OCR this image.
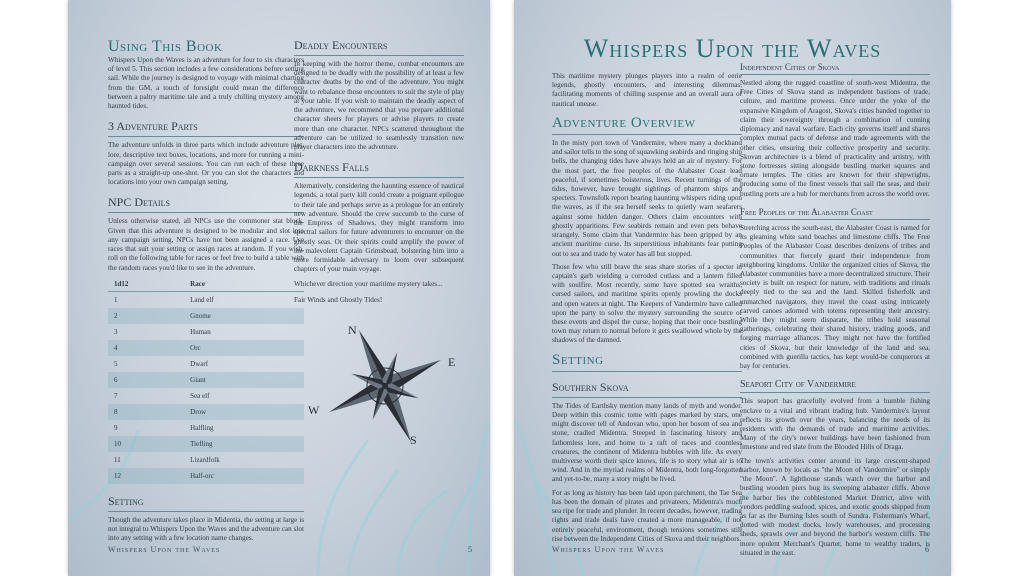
Using This Book

Whispers Upon the Waves is an adventure for four to six characters of level 5. This section includes a few considerations before setting sail. While the journey is designed to voyage with minimal charting from the GM, a touch of foresight could mean the difference between a paltry maritime tale and a truly chilling mystery among haunted tides.

3 Adventure Parts

The adventure unfolds in three parts which include adventure plot, lore, descriptive text boxes, locations, and more for running a mini-campaign over several sessions. You can run each of these three parts as a straight-up one-shot. Or you can slot the characters and locations into your own campaign setting.

NPC Details

Unless otherwise stated, all NPCs use the commoner stat block. Given that this adventure is designed to be modular and slot into any campaign setting, NPCs have not been assigned a race. Use races that suit your setting or assign races at random. If you wish, roll on the following table for races or feel free to build a table with the random races you'd like to see in the adventure.

1d12	Race
1	Land elf
2	Gnome
3	Human
4	Orc
5	Dwarf
6	Giant
7	Sea elf
8	Drow
9	Halfling
10	Tiefling
11	Lizardfolk
12	Half-orc
Setting

Though the adventure takes place in Midentia, the setting at large is not integral to Whispers Upon the Waves and the adventure can slot into any setting with a few location name changes.

Deadly Encounters

In keeping with the horror theme, combat encounters are designed to be deadly with the possibility of at least a few character deaths by the end of the adventure. You might want to rebalance those encounters to suit the style of play at your table. If you wish to maintain the deadly aspect of the adventure, we recommend that you prepare additional character sheets for players or advise players to create more than one character. NPCs scattered throughout the adventure can be utilized to seamlessly transition new player characters into the adventure.

Darkness Falls

Alternatively, considering the haunting essence of nautical legends, a total party kill could create a poignant epilogue to their tale and perhaps serve as a prologue for an entirely new adventure. Should the crew succumb to the curse of the Empress of Shadows, they might transform into spectral sailors for future adventurers to encounter on the ghostly seas. Or their spirits could amplify the power of the malevolent Captain Grimsbead, bolstering him into a more formidable adversary to loom over subsequent chapters of your main voyage.

Whichever direction your maritime mystery takes...

Fair Winds and Ghostly Tides!

N
E
S
W
Whispers Upon the Waves	5
Whispers Upon the Waves

This maritime mystery plunges players into a realm of eerie legends, ghostly encounters, and interesting dilemmas, facilitating moments of chilling suspense and an overall aura of nautical unease.

Adventure Overview

In the misty port town of Vandermire, where many a dockhand and sailor tells to the song of squawking seabirds and ringing ship bells, the changing tides have always held an air of mystery. For the most part, the free peoples of the Alabaster Coast lead peaceful, if sometimes boisterous, lives. Recent turnings of the tides, however, have brought sightings of phantom ships and specters. Townsfolk report hearing haunting whispers riding upon the waves, as if the sea herself seeks to quietly warn seafarers against some hidden danger. Others claim encounters with ghostly apparitions. Few seabirds remain and even pets behave strangely. Some claim that Vandermire has been gripped by an ancient maritime curse. Its superstitious inhabitants fear putting out to sea and trade by water has all but stopped.

Those few who still brave the seas share stories of a specter in captain's garb wielding a corroded cutlass and a lantern filled with soulfire. Most recently, some have spotted sea wraiths, cursed sailors, and maritime spirits openly prowling the docks and open waters at night. The Keepers of Vandermire have called upon the party to solve the mystery surrounding the source of these events and dispel the curse, hoping that their once bustling town may return to normal before it gets swallowed whole by the shadows of the damned.

Setting
Southern Skova

The Tides of Earthsky mention many lands of myth and wonder. Deep within this cosmic tome with pages marked by stars, one might discover tell of Andovan who, upon her bosom of sea and stone, cradled Midentra. Steeped in fascinating history and fathomless lore, and home to a raft of races and countless creatures, the continent of Midentra bubbles with life. As every multiverse worth their spice knows, life is to story what air is to wind. And in the myriad realms of Midentra, both long-forgotten and yet-to-be, many a story might be lived.

For as long as history has been laid upon parchment, the Tae Sea has been the domain of pirates and privateers, Midentra's much sea ripe for trade and plunder. In recent decades, however, trading rights and trade deals have created a more manageable, if not entirely peaceful, environment, though tensions sometimes still rise between the Independent Cities of Skova and their neighbors.

Independent Cities of Skova

Nestled along the rugged coastline of south-west Midentra, the Free Cities of Skova stand as independent bastions of trade, culture, and maritime prowess. Once under the yoke of the expansive Kingdom of Aragost, Skova's cities banded together to claim their sovereignty through a combination of cunning diplomacy and naval warfare. Each city governs itself and shares complex mutual pacts of defense and trade agreements with the other cities, ensuring their collective prosperity and security. Skovan architecture is a blend of practicality and artistry, with stone fortresses sitting alongside bustling market squares and ornate temples. The cities are known for their shipwrights, producing some of the finest vessels that sail the seas, and their bustling ports are a hub for merchants from across the world over.

Free Peoples of the Alabaster Coast

Stretching across the south-east, the Alabaster Coast is named for its gleaming white sand beaches and limestone cliffs. The Free Peoples of the Alabaster Coast describes denizens of tribes and communities that fiercely guard their independence from neighboring kingdoms. Unlike the organized cities of Skova, the Alabaster communities have a more decentralized structure. Their society is built on respect for nature, with traditions and rituals deeply tied to the sea and the land. Skilled fisherfolk and unmatched navigators, they travel the coast using intricately carved canoes adorned with totems representing their ancestry. While they might seem disparate, the tribes hold seasonal gatherings, celebrating their shared history, trading goods, and forging marriage alliances. They might not have the fortified cities of Skova, but their knowledge of the land and sea, combined with guerilla tactics, has kept would-be conquerors at bay for centuries.

Seaport City of Vandermire

This seaport has gracefully evolved from a humble fishing enclave to a vital and vibrant trading hub. Vandermire's layout reflects its growth over the years, balancing the needs of its residents with the demands of trade and maritime activities. Many of the city's newer buildings have been fashioned from limestone and red slate from the Blooded Hills of Draga.

The town's activities center around its large crescent-shaped harbor, known by locals as "the Moon of Vandermire" or simply "the Moon". A lighthouse stands watch over the harbor and bustling wooden piers hug its sweeping alabaster cliffs. Above the harbor lies the cobblestoned Market District, alive with vendors peddling seafood, spices, and exotic goods shipped from as far as the Burning Isles south of Sundra. Fisherman's Wharf, dotted with modest docks, lowly warehouses, and processing sheds, sprawls over and beyond the harbor's western cliffs. The more opulent Merchant's Quarter, home to wealthy traders, is situated in the east.

Whispers Upon the Waves	6
